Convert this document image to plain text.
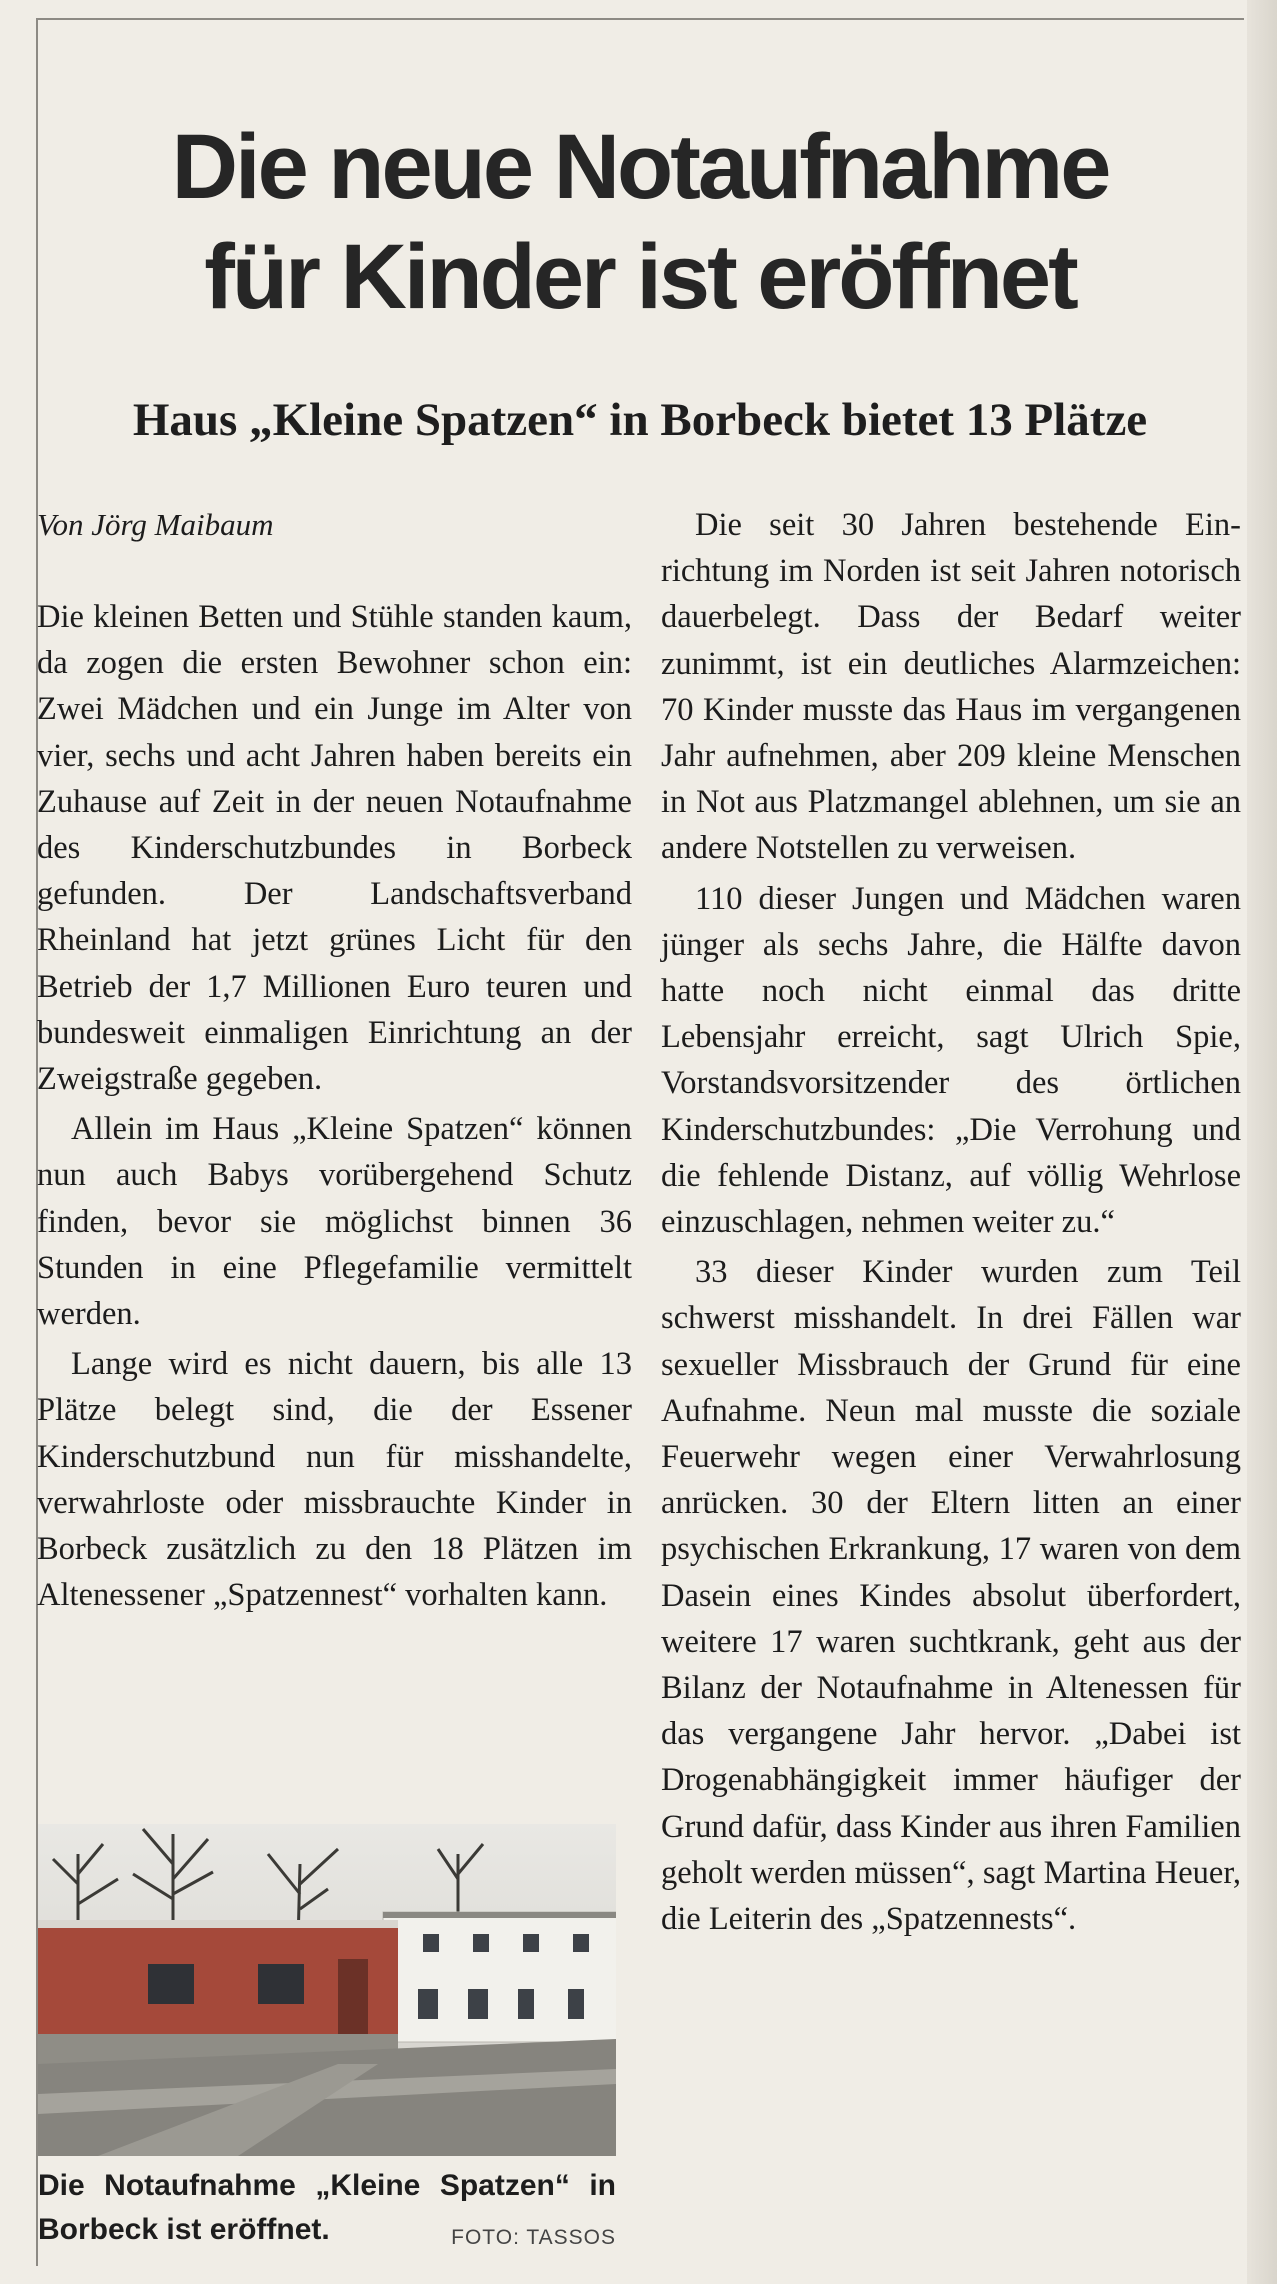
Die neue Notaufnahme
für Kinder ist eröffnet
Haus „Kleine Spatzen“ in Borbeck bietet 13 Plätze

Von Jörg Maibaum

Die kleinen Betten und Stühle standen kaum, da zogen die ersten Bewohner schon ein: Zwei Mädchen und ein Junge im Alter von vier, sechs und acht Jahren haben bereits ein Zuhause auf Zeit in der neuen Notaufnahme des Kinderschutzbundes in Borbeck gefunden. Der Landschaftsverband Rheinland hat jetzt grünes Licht für den Betrieb der 1,7 Millionen Euro teuren und bundesweit einmaligen Einrichtung an der Zweigstraße gegeben.

Allein im Haus „Kleine Spatzen“ können nun auch Babys vorübergehend Schutz finden, bevor sie möglichst binnen 36 Stunden in eine Pflegefamilie vermittelt werden.

Lange wird es nicht dauern, bis alle 13 Plätze belegt sind, die der Essener Kinderschutzbund nun für misshandelte, verwahrloste oder missbrauchte Kinder in Borbeck zusätzlich zu den 18 Plätzen im Altenessener „Spatzennest“ vorhalten kann.

Die seit 30 Jahren bestehende Einrichtung im Norden ist seit Jahren notorisch dauerbelegt. Dass der Bedarf weiter zunimmt, ist ein deutliches Alarmzeichen: 70 Kinder musste das Haus im vergangenen Jahr aufnehmen, aber 209 kleine Menschen in Not aus Platzmangel ablehnen, um sie an andere Notstellen zu verweisen.

110 dieser Jungen und Mädchen waren jünger als sechs Jahre, die Hälfte davon hatte noch nicht einmal das dritte Lebensjahr erreicht, sagt Ulrich Spie, Vorstandsvorsitzender des örtlichen Kinderschutzbundes: „Die Verrohung und die fehlende Distanz, auf völlig Wehrlose einzuschlagen, nehmen weiter zu.“

33 dieser Kinder wurden zum Teil schwerst misshandelt. In drei Fällen war sexueller Missbrauch der Grund für eine Aufnahme. Neun mal musste die soziale Feuerwehr wegen einer Verwahrlosung anrücken. 30 der Eltern litten an einer psychischen Erkrankung, 17 waren von dem Dasein eines Kindes absolut überfordert, weitere 17 waren suchtkrank, geht aus der Bilanz der Notaufnahme in Altenessen für das vergangene Jahr hervor. „Dabei ist Drogenabhängigkeit immer häufiger der Grund dafür, dass Kinder aus ihren Familien geholt werden müssen“, sagt Martina Heuer, die Leiterin des „Spatzennests“.

Die Notaufnahme „Kleine Spatzen“ in Borbeck ist eröffnet.	FOTO: TASSOS
